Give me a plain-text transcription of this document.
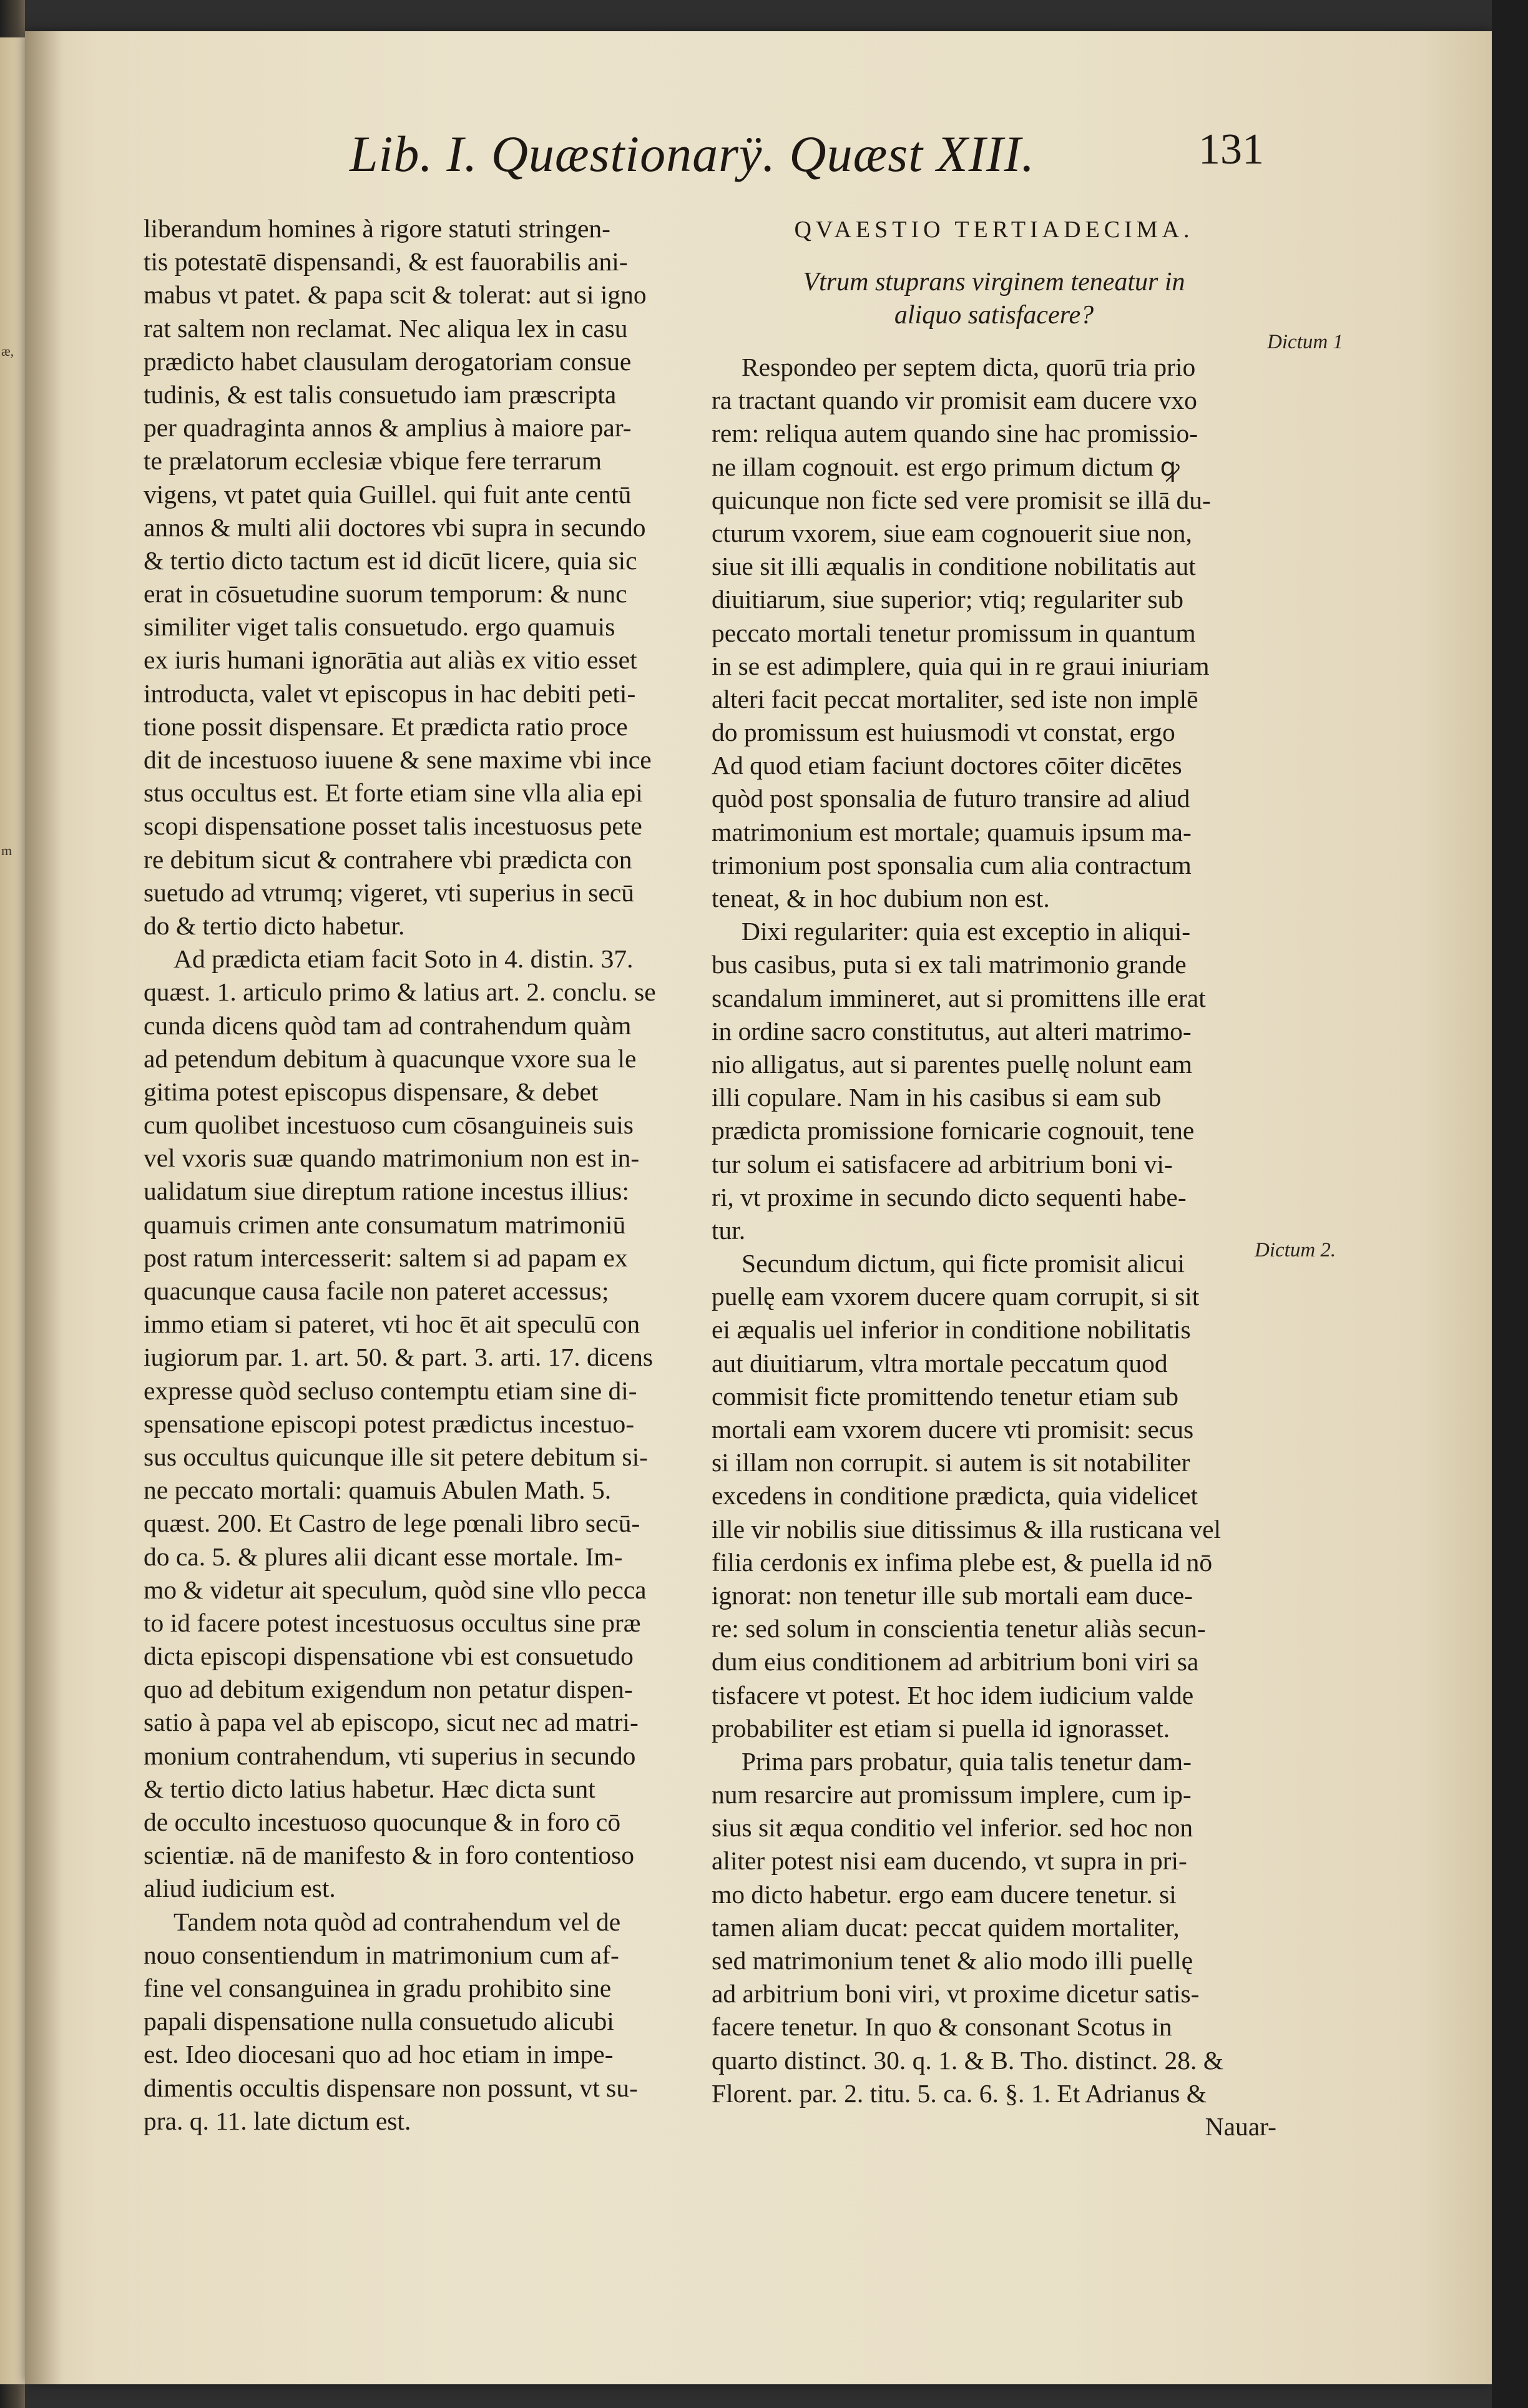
æ,
m
Lib. I. Quæstionarÿ. Quæst XIII.	131
liberandum homines à rigore statuti stringen-
tis potestatē dispensandi, & est fauorabilis ani-
mabus vt patet. & papa scit & tolerat: aut si igno
rat saltem non reclamat. Nec aliqua lex in casu
prædicto habet clausulam derogatoriam consue
tudinis, & est talis consuetudo iam præscripta
per quadraginta annos & amplius à maiore par-
te prælatorum ecclesiæ vbique fere terrarum
vigens, vt patet quia Guillel. qui fuit ante centū
annos & multi alii doctores vbi supra in secundo
& tertio dicto tactum est id dicūt licere, quia sic
erat in cōsuetudine suorum temporum: & nunc
similiter viget talis consuetudo. ergo quamuis
ex iuris humani ignorātia aut aliàs ex vitio esset
introducta, valet vt episcopus in hac debiti peti-
tione possit dispensare. Et prædicta ratio proce
dit de incestuoso iuuene & sene maxime vbi ince
stus occultus est. Et forte etiam sine vlla alia epi
scopi dispensatione posset talis incestuosus pete
re debitum sicut & contrahere vbi prædicta con
suetudo ad vtrumq; vigeret, vti superius in secū
do & tertio dicto habetur.
Ad prædicta etiam facit Soto in 4. distin. 37.
quæst. 1. articulo primo & latius art. 2. conclu. se
cunda dicens quòd tam ad contrahendum quàm
ad petendum debitum à quacunque vxore sua le
gitima potest episcopus dispensare, & debet
cum quolibet incestuoso cum cōsanguineis suis
vel vxoris suæ quando matrimonium non est in-
ualidatum siue direptum ratione incestus illius:
quamuis crimen ante consumatum matrimoniū
post ratum intercesserit: saltem si ad papam ex
quacunque causa facile non pateret accessus;
immo etiam si pateret, vti hoc ēt ait speculū con
iugiorum par. 1. art. 50. & part. 3. arti. 17. dicens
expresse quòd secluso contemptu etiam sine di-
spensatione episcopi potest prædictus incestuo-
sus occultus quicunque ille sit petere debitum si-
ne peccato mortali: quamuis Abulen Math. 5.
quæst. 200. Et Castro de lege pœnali libro secū-
do ca. 5. & plures alii dicant esse mortale. Im-
mo & videtur ait speculum, quòd sine vllo pecca
to id facere potest incestuosus occultus sine præ
dicta episcopi dispensatione vbi est consuetudo
quo ad debitum exigendum non petatur dispen-
satio à papa vel ab episcopo, sicut nec ad matri-
monium contrahendum, vti superius in secundo
& tertio dicto latius habetur. Hæc dicta sunt
de occulto incestuoso quocunque & in foro cō
scientiæ. nā de manifesto & in foro contentioso
aliud iudicium est.
Tandem nota quòd ad contrahendum vel de
nouo consentiendum in matrimonium cum af-
fine vel consanguinea in gradu prohibito sine
papali dispensatione nulla consuetudo alicubi
est. Ideo diocesani quo ad hoc etiam in impe-
dimentis occultis dispensare non possunt, vt su-
pra. q. 11. late dictum est.
QVAESTIO TERTIADECIMA.
Vtrum stuprans virginem teneatur in
aliquo satisfacere?
Respondeo per septem dicta, quorū tria prio
ra tractant quando vir promisit eam ducere vxo
rem: reliqua autem quando sine hac promissio-
ne illam cognouit. est ergo primum dictum ꝙ
quicunque non ficte sed vere promisit se illā du-
cturum vxorem, siue eam cognouerit siue non,
siue sit illi æqualis in conditione nobilitatis aut
diuitiarum, siue superior; vtiq; regulariter sub
peccato mortali tenetur promissum in quantum
in se est adimplere, quia qui in re graui iniuriam
alteri facit peccat mortaliter, sed iste non implē
do promissum est huiusmodi vt constat, ergo
Ad quod etiam faciunt doctores cōiter dicētes
quòd post sponsalia de futuro transire ad aliud
matrimonium est mortale; quamuis ipsum ma-
trimonium post sponsalia cum alia contractum
teneat, & in hoc dubium non est.
Dixi regulariter: quia est exceptio in aliqui-
bus casibus, puta si ex tali matrimonio grande
scandalum immineret, aut si promittens ille erat
in ordine sacro constitutus, aut alteri matrimo-
nio alligatus, aut si parentes puellę nolunt eam
illi copulare. Nam in his casibus si eam sub
prædicta promissione fornicarie cognouit, tene
tur solum ei satisfacere ad arbitrium boni vi-
ri, vt proxime in secundo dicto sequenti habe-
tur.
Secundum dictum, qui ficte promisit alicui
puellę eam vxorem ducere quam corrupit, si sit
ei æqualis uel inferior in conditione nobilitatis
aut diuitiarum, vltra mortale peccatum quod
commisit ficte promittendo tenetur etiam sub
mortali eam vxorem ducere vti promisit: secus
si illam non corrupit. si autem is sit notabiliter
excedens in conditione prædicta, quia videlicet
ille vir nobilis siue ditissimus & illa rusticana vel
filia cerdonis ex infima plebe est, & puella id nō
ignorat: non tenetur ille sub mortali eam duce-
re: sed solum in conscientia tenetur aliàs secun-
dum eius conditionem ad arbitrium boni viri sa
tisfacere vt potest. Et hoc idem iudicium valde
probabiliter est etiam si puella id ignorasset.
Prima pars probatur, quia talis tenetur dam-
num resarcire aut promissum implere, cum ip-
sius sit æqua conditio vel inferior. sed hoc non
aliter potest nisi eam ducendo, vt supra in pri-
mo dicto habetur. ergo eam ducere tenetur. si
tamen aliam ducat: peccat quidem mortaliter,
sed matrimonium tenet & alio modo illi puellę
ad arbitrium boni viri, vt proxime dicetur satis-
facere tenetur. In quo & consonant Scotus in
quarto distinct. 30. q. 1. & B. Tho. distinct. 28. &
Florent. par. 2. titu. 5. ca. 6. §. 1. Et Adrianus &
Nauar-
Dictum 1
Dictum 2.
